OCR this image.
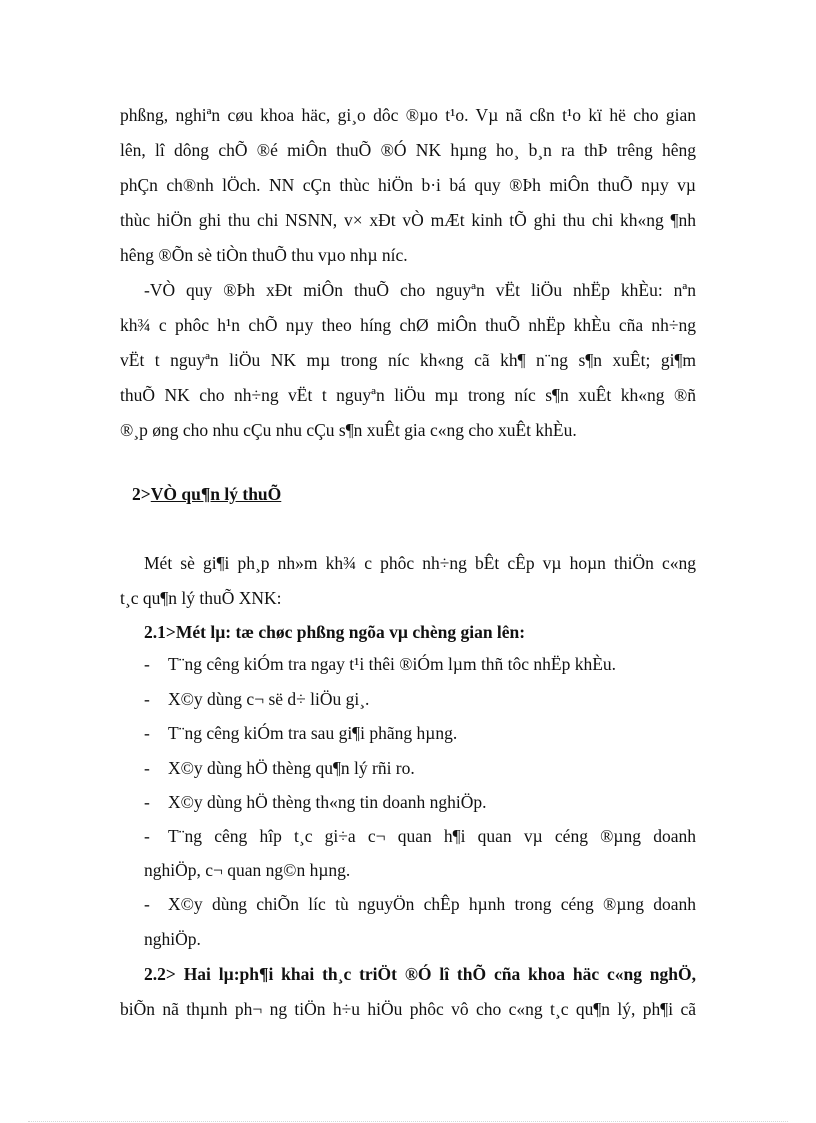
phßng, nghiªn cøu khoa häc, gi¸o dôc ®µo t¹o. Vµ nã cßn t¹o kï hë cho gian
lên, lî dông chÕ ®é miÔn thuÕ ®Ó NK hµng ho¸ b¸n ra thÞ trêng hêng
phÇn ch®nh lÖch. NN cÇn thùc hiÖn b·i bá quy ®Þh miÔn thuÕ nµy vµ
thùc hiÖn ghi thu chi NSNN, v× xÐt vÒ mÆt kinh tÕ ghi thu chi kh«ng ¶nh
hêng ®Õn sè tiÒn thuÕ thu vµo nhµ níc.
-VÒ quy ®Þh xÐt miÔn thuÕ cho nguyªn vËt liÖu nhËp khÈu: nªn
kh¾ c phôc h¹n chÕ nµy theo híng chØ miÔn thuÕ nhËp khÈu cña nh÷ng
vËt t nguyªn liÖu NK mµ trong níc kh«ng cã kh¶ n¨ng s¶n xuÊt; gi¶m
thuÕ NK cho nh÷ng vËt t nguyªn liÖu mµ trong níc s¶n xuÊt kh«ng ®ñ
®¸p øng cho nhu cÇu nhu cÇu s¶n xuÊt gia c«ng cho xuÊt khÈu.
2>VÒ qu¶n lý thuÕ
Mét sè gi¶i ph¸p nh»m kh¾ c phôc nh÷ng bÊt cÊp vµ hoµn thiÖn c«ng
t¸c qu¶n lý thuÕ XNK:
2.1>Mét lµ: tæ chøc phßng ngõa vµ chèng gian lên:
- T¨ng cêng kiÓm tra ngay t¹i thêi ®iÓm lµm thñ tôc nhËp khÈu.
- X©y dùng c¬ së d÷ liÖu gi¸.
- T¨ng cêng kiÓm tra sau gi¶i phãng hµng.
- X©y dùng hÖ thèng qu¶n lý rñi ro.
- X©y dùng hÖ thèng th«ng tin doanh nghiÖp.
- T¨ng cêng hîp t¸c gi÷a c¬ quan h¶i quan vµ céng ®µng doanh
nghiÖp, c¬ quan ng©n hµng.
- X©y dùng chiÕn líc tù nguyÖn chÊp hµnh trong céng ®µng doanh
nghiÖp.
2.2> Hai lµ:ph¶i khai th¸c triÖt ®Ó lî thÕ cña khoa häc c«ng nghÖ,
biÕn nã thµnh ph¬ ng tiÖn h÷u hiÖu phôc vô cho c«ng t¸c qu¶n lý, ph¶i cã
